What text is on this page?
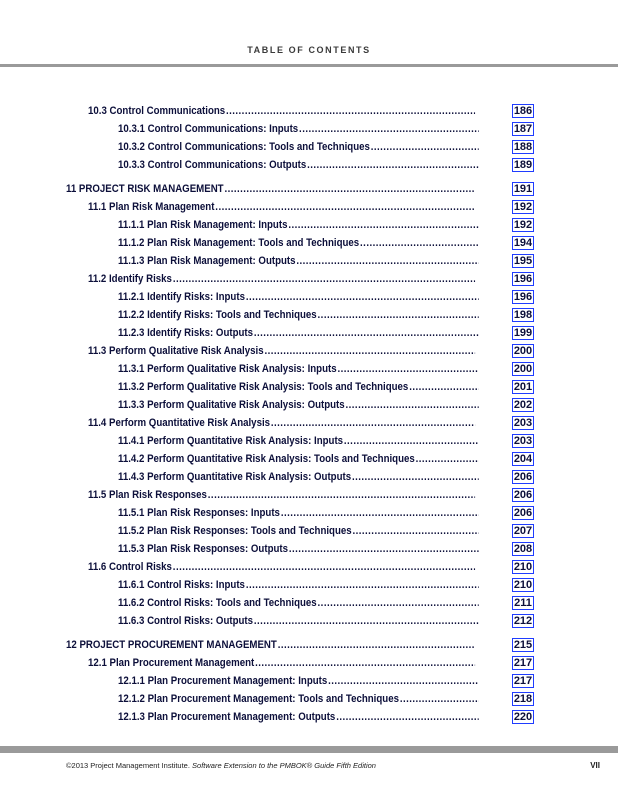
TABLE OF CONTENTS
10.3 Control Communications .....	186
10.3.1 Control Communications: Inputs .....	187
10.3.2 Control Communications: Tools and Techniques .....	188
10.3.3 Control Communications: Outputs .....	189
11 PROJECT RISK MANAGEMENT .....	191
11.1 Plan Risk Management .....	192
11.1.1 Plan Risk Management: Inputs .....	192
11.1.2 Plan Risk Management: Tools and Techniques .....	194
11.1.3 Plan Risk Management: Outputs .....	195
11.2 Identify Risks .....	196
11.2.1 Identify Risks: Inputs .....	196
11.2.2 Identify Risks: Tools and Techniques .....	198
11.2.3 Identify Risks: Outputs .....	199
11.3 Perform Qualitative Risk Analysis .....	200
11.3.1 Perform Qualitative Risk Analysis: Inputs .....	200
11.3.2 Perform Qualitative Risk Analysis: Tools and Techniques .....	201
11.3.3 Perform Qualitative Risk Analysis: Outputs .....	202
11.4 Perform Quantitative Risk Analysis .....	203
11.4.1 Perform Quantitative Risk Analysis: Inputs .....	203
11.4.2 Perform Quantitative Risk Analysis: Tools and Techniques .....	204
11.4.3 Perform Quantitative Risk Analysis: Outputs .....	206
11.5 Plan Risk Responses .....	206
11.5.1 Plan Risk Responses: Inputs .....	206
11.5.2 Plan Risk Responses: Tools and Techniques .....	207
11.5.3 Plan Risk Responses: Outputs .....	208
11.6 Control Risks .....	210
11.6.1 Control Risks: Inputs .....	210
11.6.2 Control Risks: Tools and Techniques .....	211
11.6.3 Control Risks: Outputs .....	212
12 PROJECT PROCUREMENT MANAGEMENT .....	215
12.1 Plan Procurement Management .....	217
12.1.1 Plan Procurement Management: Inputs .....	217
12.1.2 Plan Procurement Management: Tools and Techniques .....	218
12.1.3 Plan Procurement Management: Outputs .....	220
©2013 Project Management Institute. Software Extension to the PMBOK® Guide Fifth Edition	VII
